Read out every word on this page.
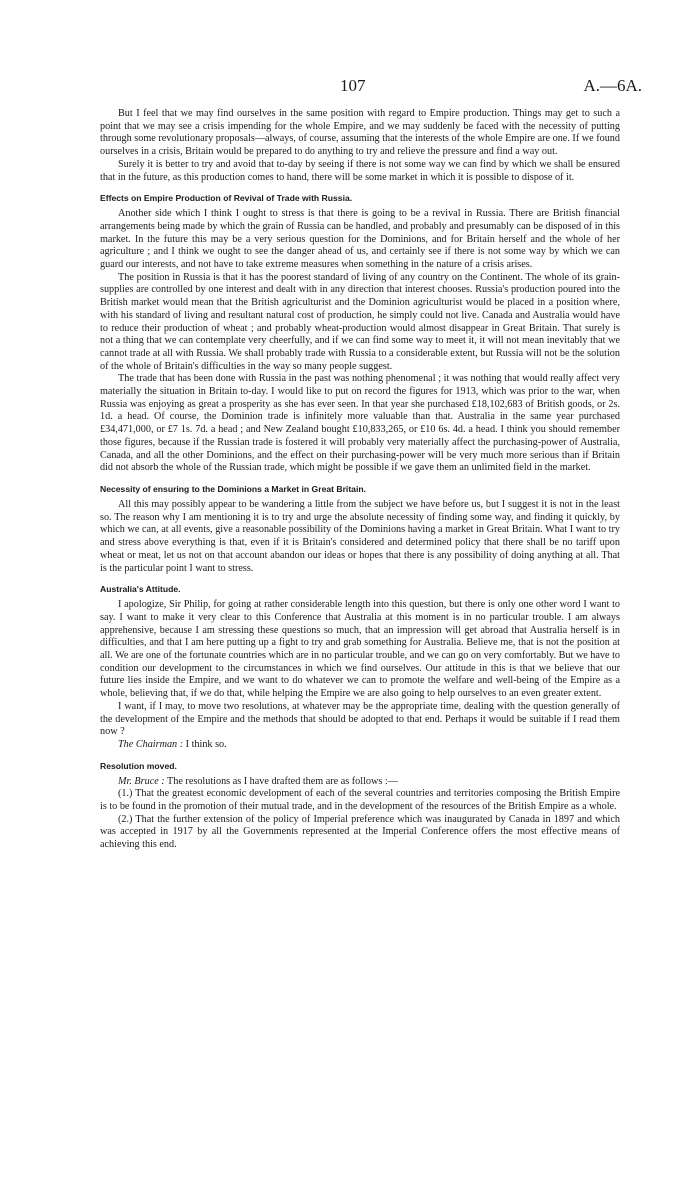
107	A.—6A.

But I feel that we may find ourselves in the same position with regard to Empire production. Things may get to such a point that we may see a crisis impending for the whole Empire, and we may suddenly be faced with the necessity of putting through some revolutionary proposals—always, of course, assuming that the interests of the whole Empire are one. If we found ourselves in a crisis, Britain would be prepared to do anything to try and relieve the pressure and find a way out.

Surely it is better to try and avoid that to-day by seeing if there is not some way we can find by which we shall be ensured that in the future, as this production comes to hand, there will be some market in which it is possible to dispose of it.

Effects on Empire Production of Revival of Trade with Russia.

Another side which I think I ought to stress is that there is going to be a revival in Russia. There are British financial arrangements being made by which the grain of Russia can be handled, and probably and presumably can be disposed of in this market. In the future this may be a very serious question for the Dominions, and for Britain herself and the whole of her agriculture ; and I think we ought to see the danger ahead of us, and certainly see if there is not some way by which we can guard our interests, and not have to take extreme measures when something in the nature of a crisis arises.

The position in Russia is that it has the poorest standard of living of any country on the Continent. The whole of its grain-supplies are controlled by one interest and dealt with in any direction that interest chooses. Russia's production poured into the British market would mean that the British agriculturist and the Dominion agriculturist would be placed in a position where, with his standard of living and resultant natural cost of production, he simply could not live. Canada and Australia would have to reduce their production of wheat ; and probably wheat-production would almost disappear in Great Britain. That surely is not a thing that we can contemplate very cheerfully, and if we can find some way to meet it, it will not mean inevitably that we cannot trade at all with Russia. We shall probably trade with Russia to a considerable extent, but Russia will not be the solution of the whole of Britain's difficulties in the way so many people suggest.

The trade that has been done with Russia in the past was nothing phenomenal ; it was nothing that would really affect very materially the situation in Britain to-day. I would like to put on record the figures for 1913, which was prior to the war, when Russia was enjoying as great a prosperity as she has ever seen. In that year she purchased £18,102,683 of British goods, or 2s. 1d. a head. Of course, the Dominion trade is infinitely more valuable than that. Australia in the same year purchased £34,471,000, or £7 1s. 7d. a head ; and New Zealand bought £10,833,265, or £10 6s. 4d. a head. I think you should remember those figures, because if the Russian trade is fostered it will probably very materially affect the purchasing-power of Australia, Canada, and all the other Dominions, and the effect on their purchasing-power will be very much more serious than if Britain did not absorb the whole of the Russian trade, which might be possible if we gave them an unlimited field in the market.

Necessity of ensuring to the Dominions a Market in Great Britain.

All this may possibly appear to be wandering a little from the subject we have before us, but I suggest it is not in the least so. The reason why I am mentioning it is to try and urge the absolute necessity of finding some way, and finding it quickly, by which we can, at all events, give a reasonable possibility of the Dominions having a market in Great Britain. What I want to try and stress above everything is that, even if it is Britain's considered and determined policy that there shall be no tariff upon wheat or meat, let us not on that account abandon our ideas or hopes that there is any possibility of doing anything at all. That is the particular point I want to stress.

Australia's Attitude.

I apologize, Sir Philip, for going at rather considerable length into this question, but there is only one other word I want to say. I want to make it very clear to this Conference that Australia at this moment is in no particular trouble. I am always apprehensive, because I am stressing these questions so much, that an impression will get abroad that Australia herself is in difficulties, and that I am here putting up a fight to try and grab something for Australia. Believe me, that is not the position at all. We are one of the fortunate countries which are in no particular trouble, and we can go on very comfortably. But we have to condition our development to the circumstances in which we find ourselves. Our attitude in this is that we believe that our future lies inside the Empire, and we want to do whatever we can to promote the welfare and well-being of the Empire as a whole, believing that, if we do that, while helping the Empire we are also going to help ourselves to an even greater extent.

I want, if I may, to move two resolutions, at whatever may be the appropriate time, dealing with the question generally of the development of the Empire and the methods that should be adopted to that end. Perhaps it would be suitable if I read them now ?

The Chairman : I think so.

Resolution moved.

Mr. Bruce : The resolutions as I have drafted them are as follows :—

(1.) That the greatest economic development of each of the several countries and territories composing the British Empire is to be found in the promotion of their mutual trade, and in the development of the resources of the British Empire as a whole.

(2.) That the further extension of the policy of Imperial preference which was inaugurated by Canada in 1897 and which was accepted in 1917 by all the Governments represented at the Imperial Conference offers the most effective means of achieving this end.
